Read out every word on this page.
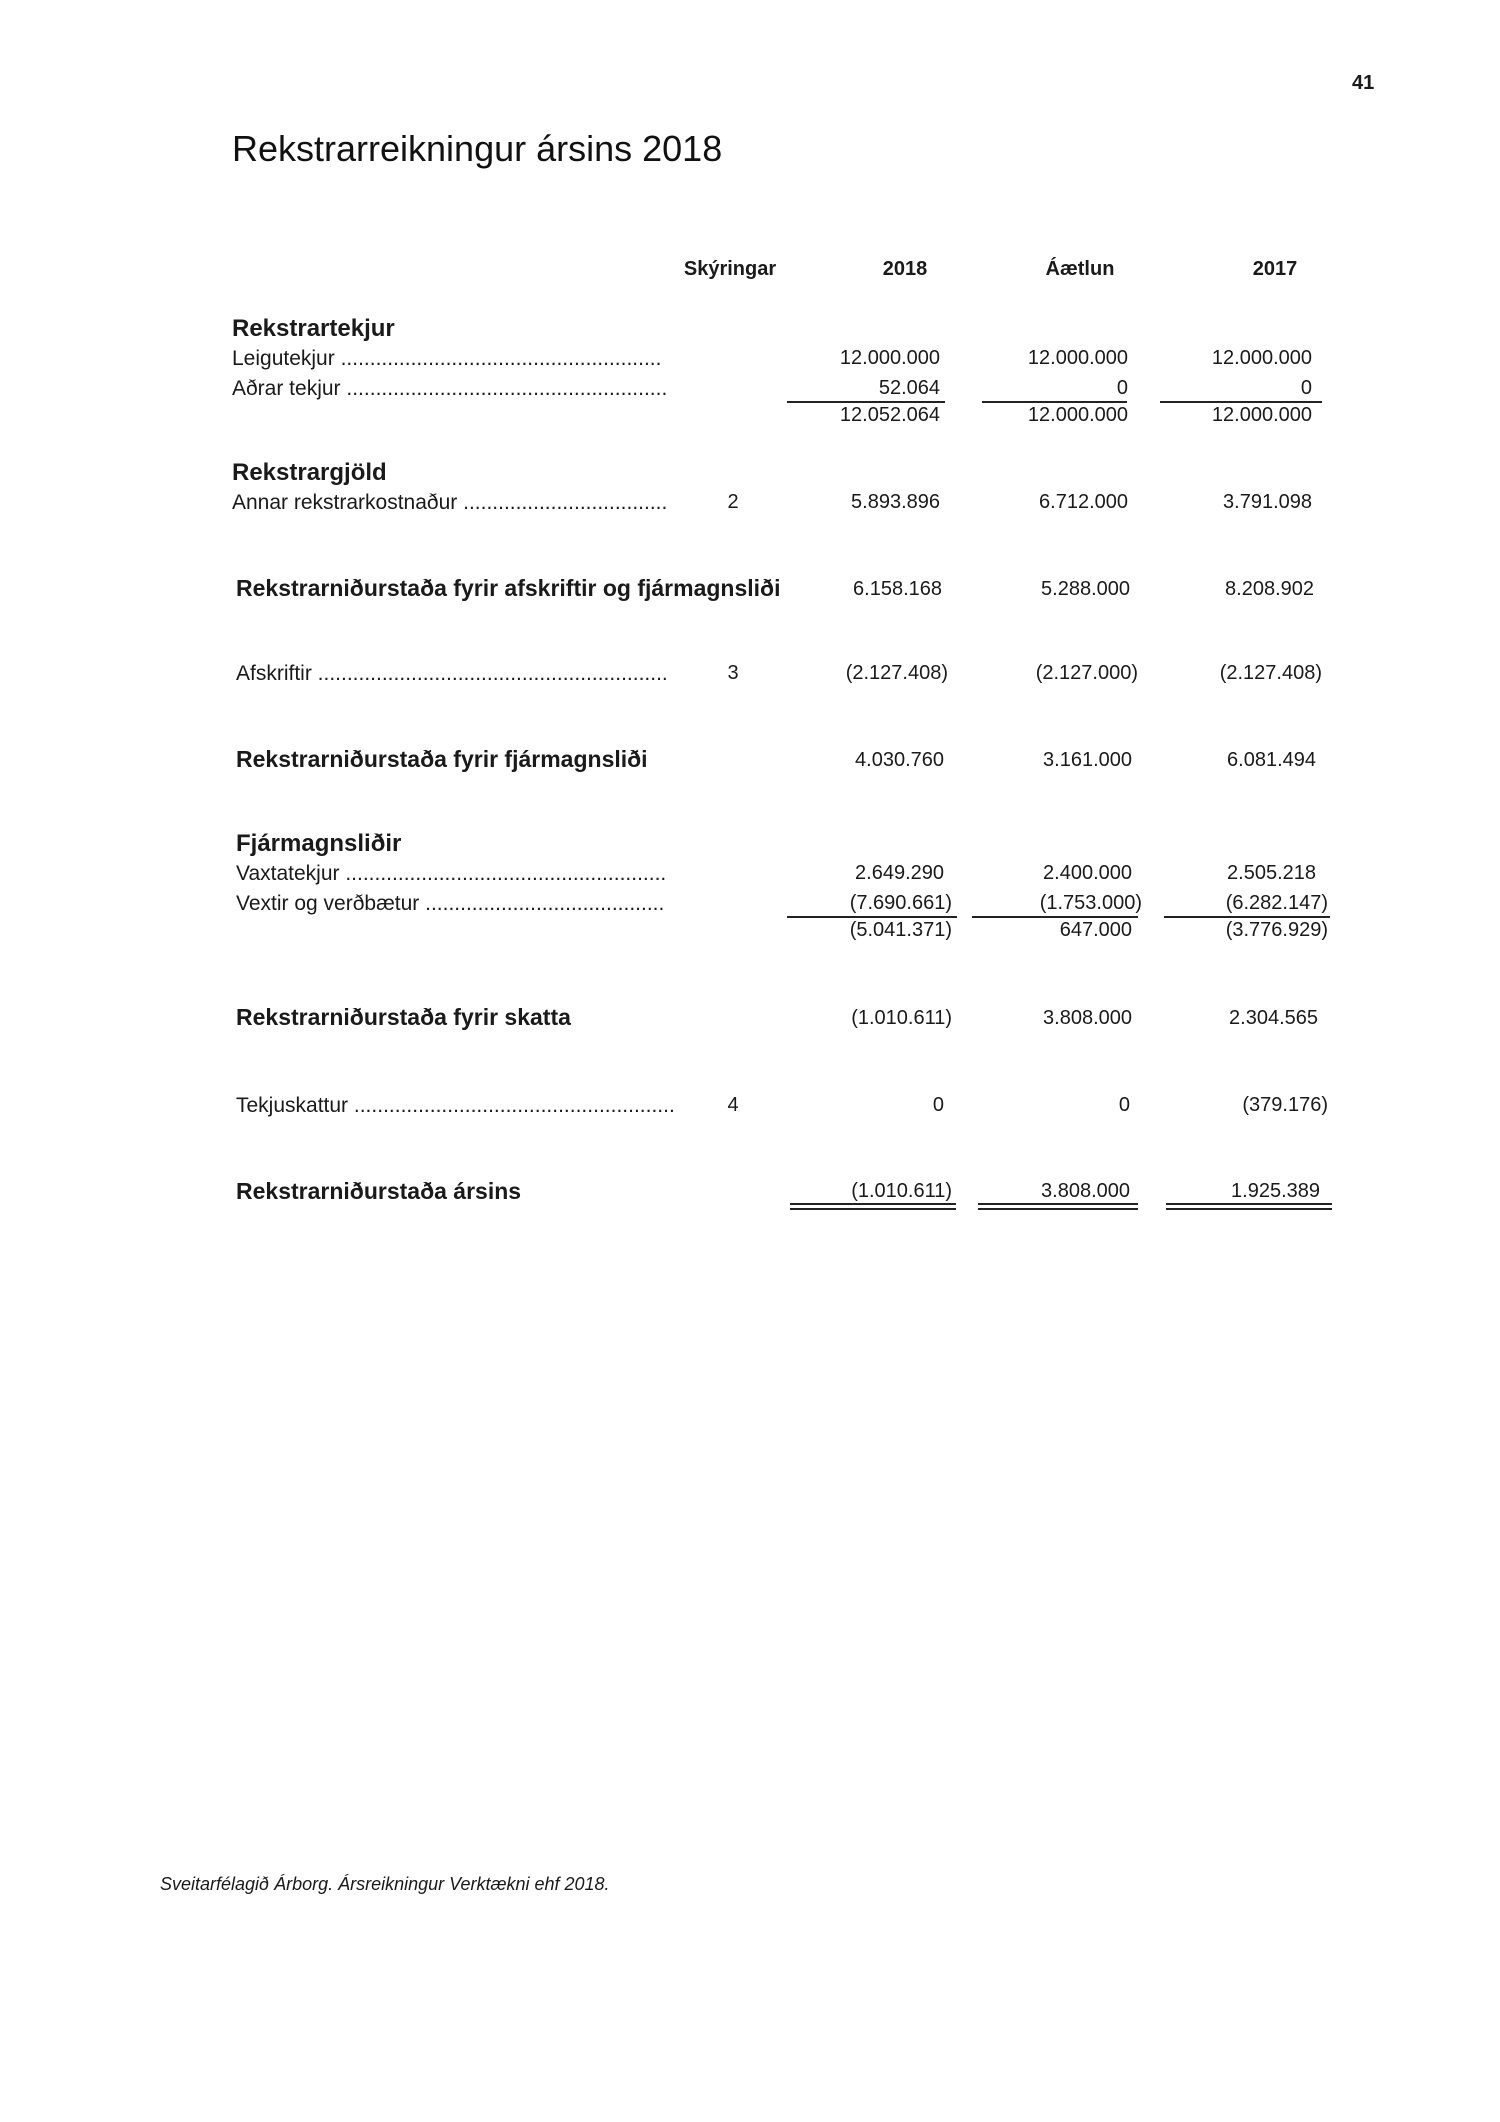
41
Rekstrarreikningur ársins 2018
Skýringar	2018	Áætlun	2017
Rekstrartekjur
Leigutekjur .......................................................	12.000.000	12.000.000	12.000.000
Aðrar tekjur .......................................................	52.064	0	0
12.052.064	12.000.000	12.000.000
Rekstrargjöld
Annar rekstrarkostnaður ...................................	2	5.893.896	6.712.000	3.791.098
Rekstrarniðurstaða fyrir afskriftir og fjármagnsliði	6.158.168	5.288.000	8.208.902
Afskriftir ............................................................	3	(2.127.408)	(2.127.000)	(2.127.408)
Rekstrarniðurstaða fyrir fjármagnsliði	4.030.760	3.161.000	6.081.494
Fjármagnsliðir
Vaxtatekjur .......................................................	2.649.290	2.400.000	2.505.218
Vextir og verðbætur .........................................	(7.690.661)	(1.753.000)	(6.282.147)
(5.041.371)	647.000	(3.776.929)
Rekstrarniðurstaða fyrir skatta	(1.010.611)	3.808.000	2.304.565
Tekjuskattur .......................................................	4	0	0	(379.176)
Rekstrarniðurstaða ársins	(1.010.611)	3.808.000	1.925.389
Sveitarfélagið Árborg. Ársreikningur Verktækni ehf 2018.
